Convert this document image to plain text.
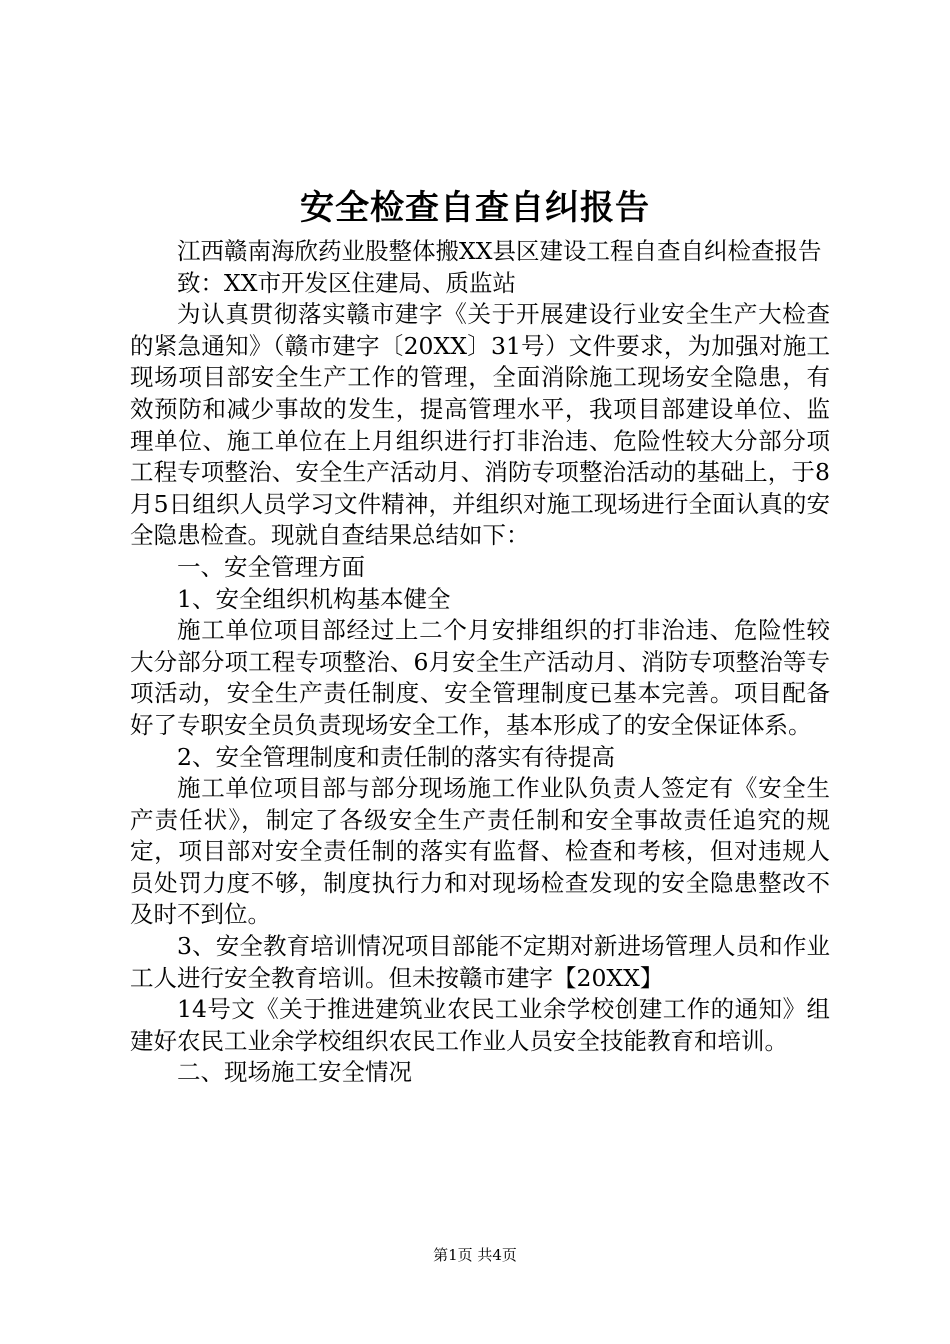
安全检查自查自纠报告

江西赣南海欣药业股整体搬XX县区建设工程自查自纠检查报告

致：XX市开发区住建局、质监站

为认真贯彻落实赣市建字《关于开展建设行业安全生产大检查的紧急通知》（赣市建字〔20XX〕31号）文件要求，为加强对施工现场项目部安全生产工作的管理，全面消除施工现场安全隐患，有效预防和减少事故的发生，提高管理水平，我项目部建设单位、监理单位、施工单位在上月组织进行打非治违、危险性较大分部分项工程专项整治、安全生产活动月、消防专项整治活动的基础上，于8月5日组织人员学习文件精神，并组织对施工现场进行全面认真的安全隐患检查。现就自查结果总结如下：

一、安全管理方面

1、安全组织机构基本健全

施工单位项目部经过上二个月安排组织的打非治违、危险性较大分部分项工程专项整治、6月安全生产活动月、消防专项整治等专项活动，安全生产责任制度、安全管理制度已基本完善。项目配备好了专职安全员负责现场安全工作，基本形成了的安全保证体系。

2、安全管理制度和责任制的落实有待提高

施工单位项目部与部分现场施工作业队负责人签定有《安全生产责任状》，制定了各级安全生产责任制和安全事故责任追究的规定，项目部对安全责任制的落实有监督、检查和考核，但对违规人员处罚力度不够，制度执行力和对现场检查发现的安全隐患整改不及时不到位。

3、安全教育培训情况项目部能不定期对新进场管理人员和作业工人进行安全教育培训。但未按赣市建字【20XX】

14号文《关于推进建筑业农民工业余学校创建工作的通知》组建好农民工业余学校组织农民工作业人员安全技能教育和培训。

二、现场施工安全情况

第1页 共4页
